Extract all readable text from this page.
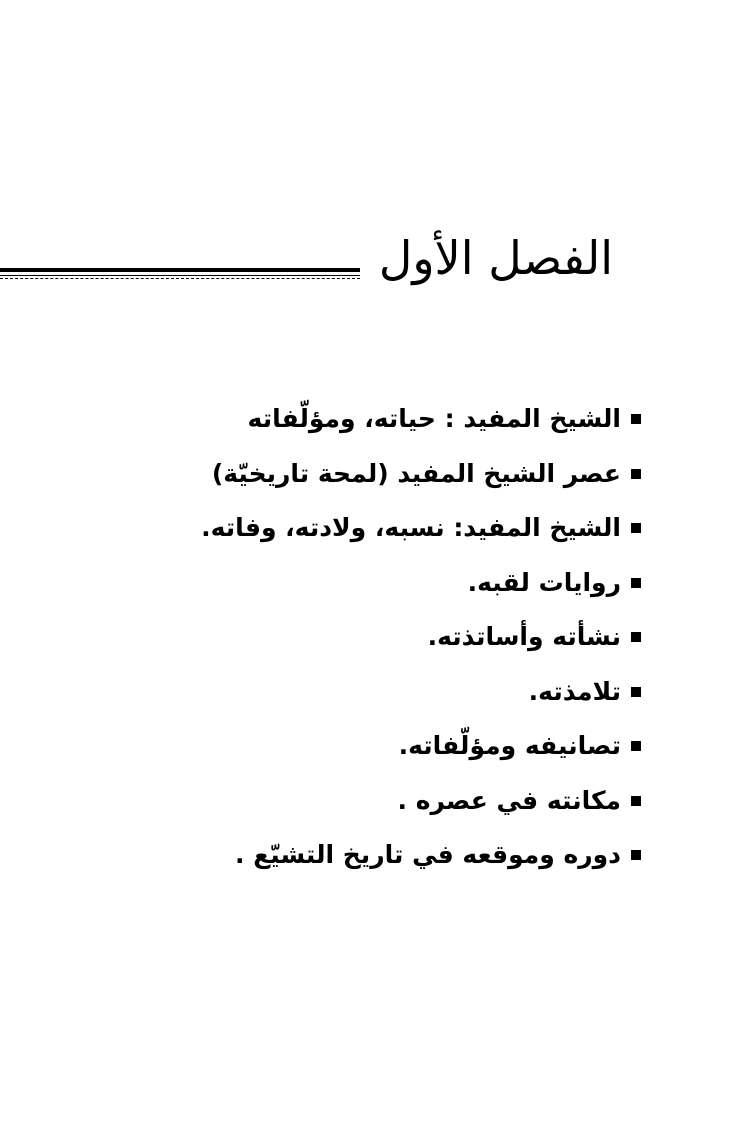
الفصل الأول
الشيخ المفيد : حياته، ومؤلّفاته
عصر الشيخ المفيد (لمحة تاريخيّة)
الشيخ المفيد: نسبه، ولادته، وفاته.
روايات لقبه.
نشأته وأساتذته.
تلامذته.
تصانيفه ومؤلّفاته.
مكانته في عصره .
دوره وموقعه في تاريخ التشيّع .
